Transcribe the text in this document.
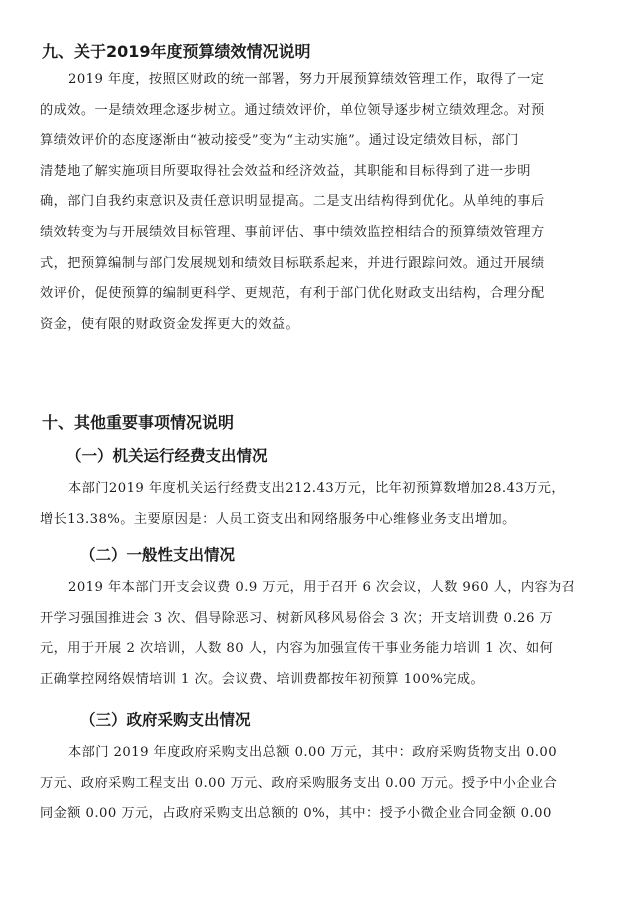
九、关于2019年度预算绩效情况说明
2019 年度，按照区财政的统一部署，努力开展预算绩效管理工作，取得了一定
的成效。一是绩效理念逐步树立。通过绩效评价，单位领导逐步树立绩效理念。对预
算绩效评价的态度逐渐由“被动接受”变为“主动实施”。通过设定绩效目标，部门
清楚地了解实施项目所要取得社会效益和经济效益，其职能和目标得到了进一步明
确，部门自我约束意识及责任意识明显提高。二是支出结构得到优化。从单纯的事后
绩效转变为与开展绩效目标管理、事前评估、事中绩效监控相结合的预算绩效管理方
式，把预算编制与部门发展规划和绩效目标联系起来，并进行跟踪问效。通过开展绩
效评价，促使预算的编制更科学、更规范，有利于部门优化财政支出结构，合理分配
资金，使有限的财政资金发挥更大的效益。
十、其他重要事项情况说明
（一）机关运行经费支出情况
本部门2019 年度机关运行经费支出212.43万元，比年初预算数增加28.43万元，
增长13.38%。主要原因是：人员工资支出和网络服务中心维修业务支出增加。
（二）一般性支出情况
2019 年本部门开支会议费 0.9 万元，用于召开 6 次会议，人数 960 人，内容为召
开学习强国推进会 3 次、倡导除恶习、树新风移风易俗会 3 次；开支培训费 0.26 万
元，用于开展 2 次培训，人数 80 人，内容为加强宣传干事业务能力培训 1 次、如何
正确掌控网络娱情培训 1 次。会议费、培训费都按年初预算 100%完成。
（三）政府采购支出情况
本部门 2019 年度政府采购支出总额 0.00 万元，其中：政府采购货物支出 0.00
万元、政府采购工程支出 0.00 万元、政府采购服务支出 0.00 万元。授予中小企业合
同金额 0.00 万元，占政府采购支出总额的 0%，其中：授予小微企业合同金额 0.00
